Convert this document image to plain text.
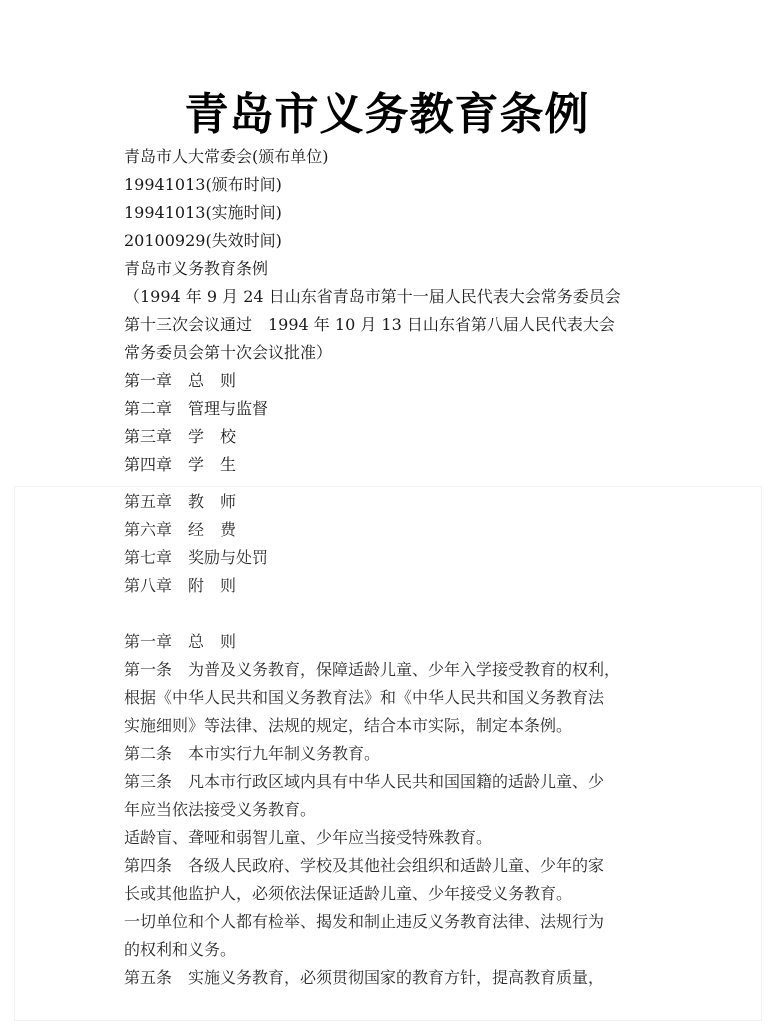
青岛市义务教育条例
青岛市人大常委会(颁布单位)
19941013(颁布时间)
19941013(实施时间)
20100929(失效时间)
青岛市义务教育条例
（1994 年 9 月 24 日山东省青岛市第十一届人民代表大会常务委员会
第十三次会议通过　1994 年 10 月 13 日山东省第八届人民代表大会
常务委员会第十次会议批准）
第一章　总　则
第二章　管理与监督
第三章　学　校
第四章　学　生
第五章　教　师
第六章　经　费
第七章　奖励与处罚
第八章　附　则
第一章　总　则
第一条　为普及义务教育，保障适龄儿童、少年入学接受教育的权利，
根据《中华人民共和国义务教育法》和《中华人民共和国义务教育法
实施细则》等法律、法规的规定，结合本市实际，制定本条例。
第二条　本市实行九年制义务教育。
第三条　凡本市行政区域内具有中华人民共和国国籍的适龄儿童、少
年应当依法接受义务教育。
适龄盲、聋哑和弱智儿童、少年应当接受特殊教育。
第四条　各级人民政府、学校及其他社会组织和适龄儿童、少年的家
长或其他监护人，必须依法保证适龄儿童、少年接受义务教育。
一切单位和个人都有检举、揭发和制止违反义务教育法律、法规行为
的权利和义务。
第五条　实施义务教育，必须贯彻国家的教育方针，提高教育质量，
